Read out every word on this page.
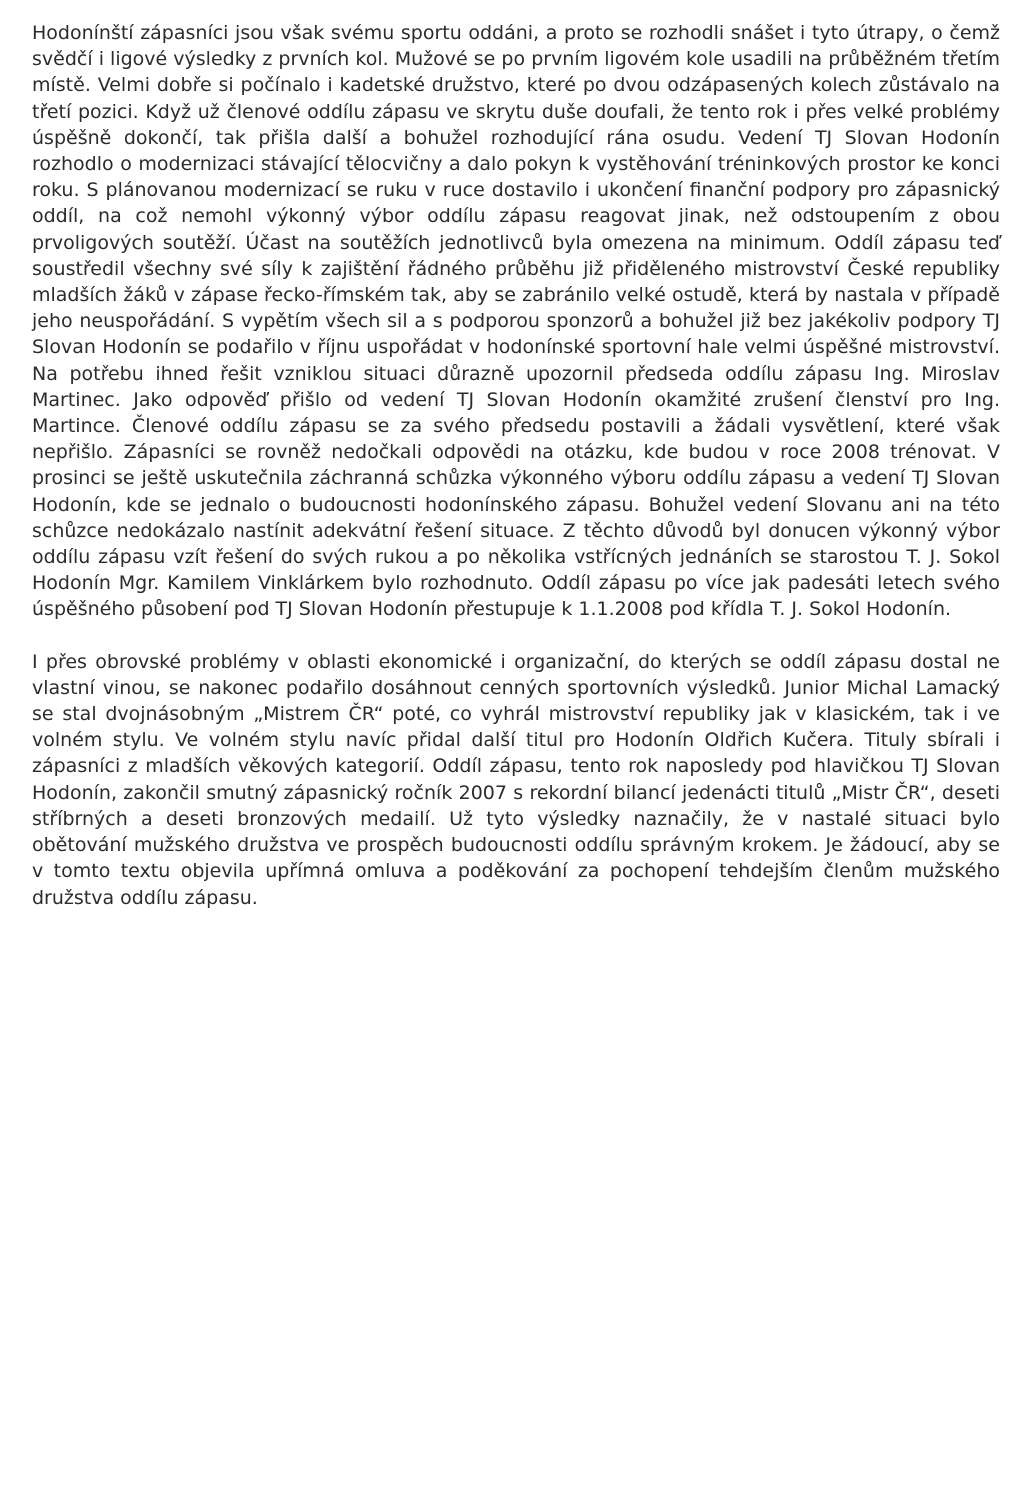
Hodonínští zápasníci jsou však svému sportu oddáni, a proto se rozhodli snášet i tyto útrapy, o čemž svědčí i ligové výsledky z prvních kol. Mužové se po prvním ligovém kole usadili na průběžném třetím místě. Velmi dobře si počínalo i kadetské družstvo, které po dvou odzápasených kolech zůstávalo na třetí pozici. Když už členové oddílu zápasu ve skrytu duše doufali, že tento rok i přes velké problémy úspěšně dokončí, tak přišla další a bohužel rozhodující rána osudu. Vedení TJ Slovan Hodonín rozhodlo o modernizaci stávající tělocvičny a dalo pokyn k vystěhování tréninkových prostor ke konci roku. S plánovanou modernizací se ruku v ruce dostavilo i ukončení finanční podpory pro zápasnický oddíl, na což nemohl výkonný výbor oddílu zápasu reagovat jinak, než odstoupením z obou prvoligových soutěží. Účast na soutěžích jednotlivců byla omezena na minimum. Oddíl zápasu teď soustředil všechny své síly k zajištění řádného průběhu již přiděleného mistrovství České republiky mladších žáků v zápase řecko-římském tak, aby se zabránilo velké ostudě, která by nastala v případě jeho neuspořádání. S vypětím všech sil a s podporou sponzorů a bohužel již bez jakékoliv podpory TJ Slovan Hodonín se podařilo v říjnu uspořádat v hodonínské sportovní hale velmi úspěšné mistrovství. Na potřebu ihned řešit vzniklou situaci důrazně upozornil předseda oddílu zápasu Ing. Miroslav Martinec. Jako odpověď přišlo od vedení TJ Slovan Hodonín okamžité zrušení členství pro Ing. Martince. Členové oddílu zápasu se za svého předsedu postavili a žádali vysvětlení, které však nepřišlo. Zápasníci se rovněž nedočkali odpovědi na otázku, kde budou v roce 2008 trénovat. V prosinci se ještě uskutečnila záchranná schůzka výkonného výboru oddílu zápasu a vedení TJ Slovan Hodonín, kde se jednalo o budoucnosti hodonínského zápasu. Bohužel vedení Slovanu ani na této schůzce nedokázalo nastínit adekvátní řešení situace. Z těchto důvodů byl donucen výkonný výbor oddílu zápasu vzít řešení do svých rukou a po několika vstřícných jednáních se starostou T. J. Sokol Hodonín Mgr. Kamilem Vinklárkem bylo rozhodnuto. Oddíl zápasu po více jak padesáti letech svého úspěšného působení pod TJ Slovan Hodonín přestupuje k 1.1.2008 pod křídla T. J. Sokol Hodonín.

I přes obrovské problémy v oblasti ekonomické i organizační, do kterých se oddíl zápasu dostal ne vlastní vinou, se nakonec podařilo dosáhnout cenných sportovních výsledků. Junior Michal Lamacký se stal dvojnásobným „Mistrem ČR“ poté, co vyhrál mistrovství republiky jak v klasickém, tak i ve volném stylu. Ve volném stylu navíc přidal další titul pro Hodonín Oldřich Kučera. Tituly sbírali i zápasníci z mladších věkových kategorií. Oddíl zápasu, tento rok naposledy pod hlavičkou TJ Slovan Hodonín, zakončil smutný zápasnický ročník 2007 s rekordní bilancí jedenácti titulů „Mistr ČR“, deseti stříbrných a deseti bronzových medailí. Už tyto výsledky naznačily, že v nastalé situaci bylo obětování mužského družstva ve prospěch budoucnosti oddílu správným krokem. Je žádoucí, aby se v tomto textu objevila upřímná omluva a poděkování za pochopení tehdejším členům mužského družstva oddílu zápasu.
